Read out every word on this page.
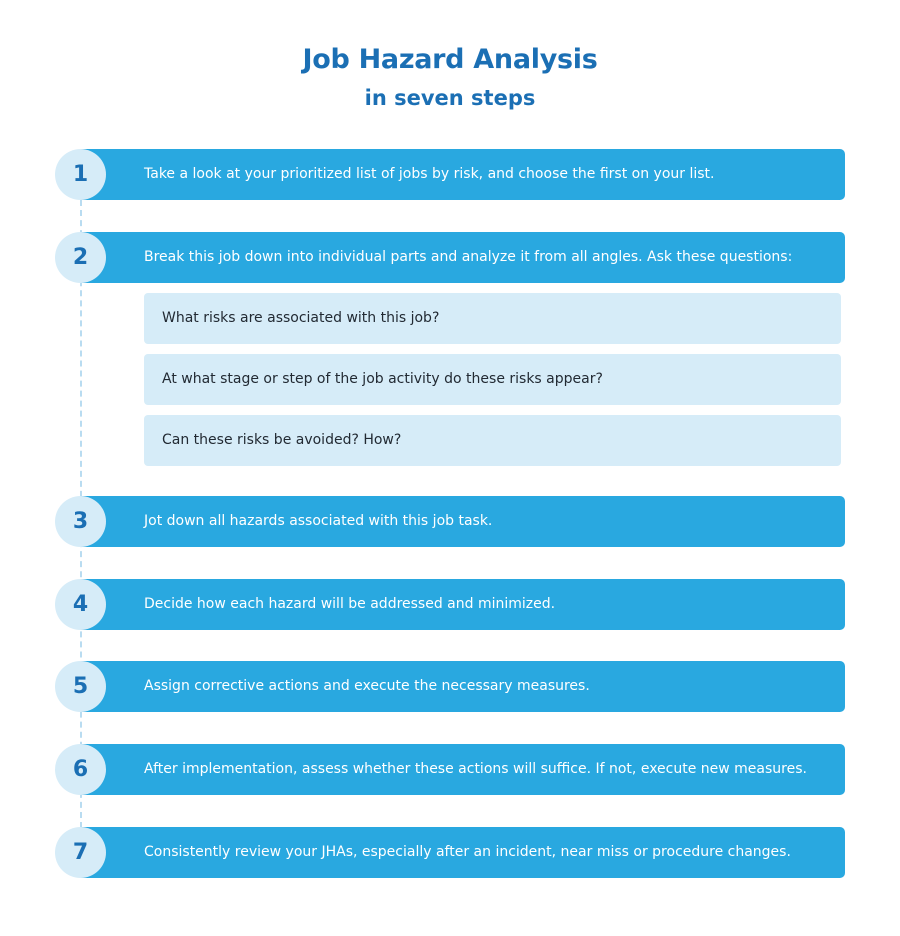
Job Hazard Analysis
in seven steps
Take a look at your prioritized list of jobs by risk, and choose the first on your list.
1
Break this job down into individual parts and analyze it from all angles. Ask these questions:
2
What risks are associated with this job?
At what stage or step of the job activity do these risks appear?
Can these risks be avoided? How?
Jot down all hazards associated with this job task.
3
Decide how each hazard will be addressed and minimized.
4
Assign corrective actions and execute the necessary measures.
5
After implementation, assess whether these actions will suffice. If not, execute new measures.
6
Consistently review your JHAs, especially after an incident, near miss or procedure changes.
7
